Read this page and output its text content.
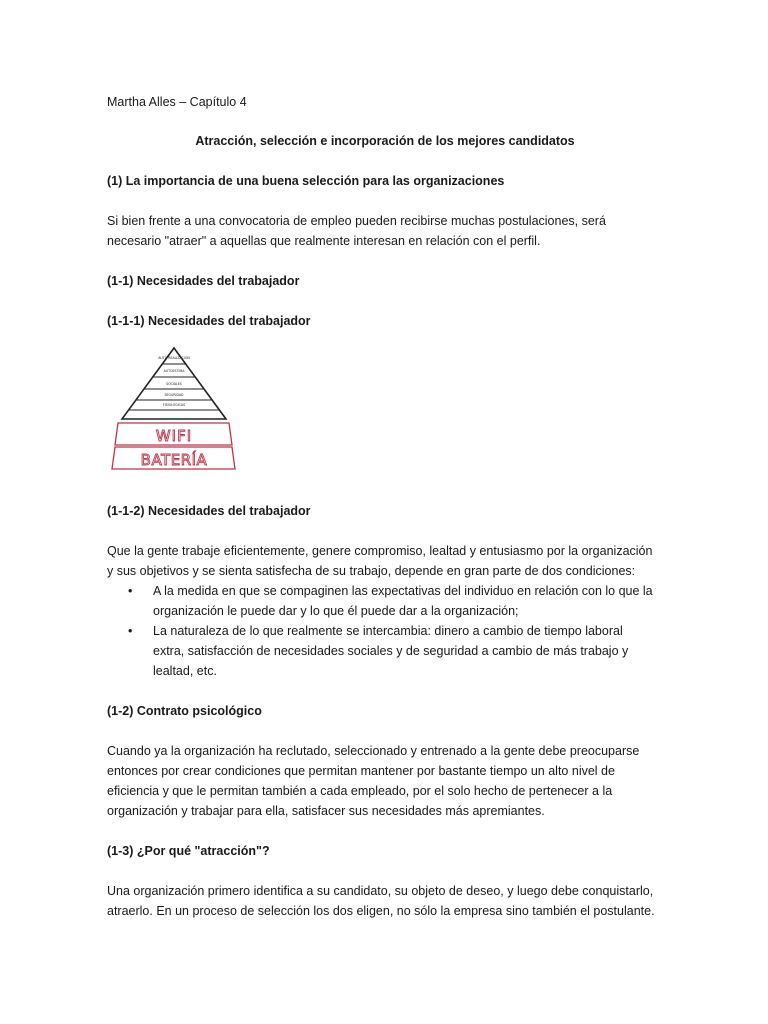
Martha Alles – Capítulo 4

Atracción, selección e incorporación de los mejores candidatos

(1) La importancia de una buena selección para las organizaciones

Si bien frente a una convocatoria de empleo pueden recibirse muchas postulaciones, será

necesario "atraer" a aquellas que realmente interesan en relación con el perfil.

(1-1) Necesidades del trabajador

(1-1-1) Necesidades del trabajador

AUTO REALIZACIÓN
AUTOESTIMA
SOCIALES
SEGURIDAD
FISIOLÓGICAS
WIFI
BATERÍA

(1-1-2) Necesidades del trabajador

Que la gente trabaje eficientemente, genere compromiso, lealtad y entusiasmo por la organización

y sus objetivos y se sienta satisfecha de su trabajo, depende en gran parte de dos condiciones:

• A la medida en que se compaginen las expectativas del individuo en relación con lo que la

organización le puede dar y lo que él puede dar a la organización;

• La naturaleza de lo que realmente se intercambia: dinero a cambio de tiempo laboral

extra, satisfacción de necesidades sociales y de seguridad a cambio de más trabajo y

lealtad, etc.

(1-2) Contrato psicológico

Cuando ya la organización ha reclutado, seleccionado y entrenado a la gente debe preocuparse

entonces por crear condiciones que permitan mantener por bastante tiempo un alto nivel de

eficiencia y que le permitan también a cada empleado, por el solo hecho de pertenecer a la

organización y trabajar para ella, satisfacer sus necesidades más apremiantes.

(1-3) ¿Por qué "atracción"?

Una organización primero identifica a su candidato, su objeto de deseo, y luego debe conquistarlo,

atraerlo. En un proceso de selección los dos eligen, no sólo la empresa sino también el postulante.
